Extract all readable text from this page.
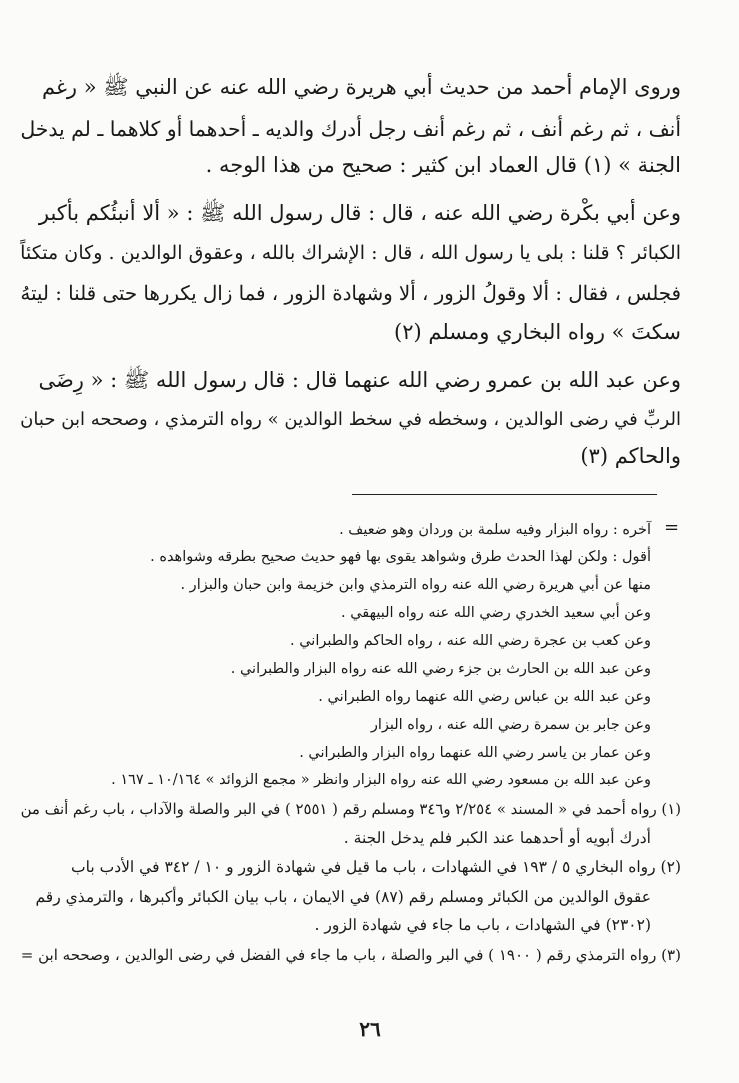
وروى الإمام أحمد من حديث أبي هريرة رضي الله عنه عن النبي ﷺ « رغم
أنف ، ثم رغم أنف ، ثم رغم أنف رجل أدرك والديه ـ أحدهما أو كلاهما ـ لم يدخل
الجنة » (١) قال العماد ابن كثير : صحيح من هذا الوجه .
وعن أبي بكْرة رضي الله عنه ، قال : قال رسول الله ﷺ : « ألا أنبئُكم بأكبر
الكبائر ؟ قلنا : بلى يا رسول الله ، قال : الإشراك بالله ، وعقوق الوالدين . وكان متكئاً
فجلس ، فقال : ألا وقولُ الزور ، ألا وشهادة الزور ، فما زال يكررها حتى قلنا : ليتهُ
سكتَ » رواه البخاري ومسلم (٢)
وعن عبد الله بن عمرو رضي الله عنهما قال : قال رسول الله ﷺ : « رِضَى
الربِّ في رضى الوالدين ، وسخطه في سخط الوالدين » رواه الترمذي ، وصححه ابن حبان
والحاكم (٣)
=
آخره : رواه البزار وفيه سلمة بن وردان وهو ضعيف .
أقول : ولكن لهذا الحدث طرق وشواهد يقوى بها فهو حديث صحيح بطرقه وشواهده .
منها عن أبي هريرة رضي الله عنه رواه الترمذي وابن خزيمة وابن حبان والبزار .
وعن أبي سعيد الخدري رضي الله عنه رواه البيهقي .
وعن كعب بن عجرة رضي الله عنه ، رواه الحاكم والطبراني .
وعن عبد الله بن الحارث بن جزء رضي الله عنه رواه البزار والطبراني .
وعن عبد الله بن عباس رضي الله عنهما رواه الطبراني .
وعن جابر بن سمرة رضي الله عنه ، رواه البزار
وعن عمار بن ياسر رضي الله عنهما رواه البزار والطبراني .
وعن عبد الله بن مسعود رضي الله عنه رواه البزار وانظر « مجمع الزوائد » ١٠/١٦٤ ـ ١٦٧ .
(١) رواه أحمد في « المسند » ٢/٢٥٤ و٣٤٦ ومسلم رقم ( ٢٥٥١ ) في البر والصلة والآداب ، باب رغم أنف من
أدرك أبويه أو أحدهما عند الكبر فلم يدخل الجنة .
(٢) رواه البخاري ٥ / ١٩٣ في الشهادات ، باب ما قيل في شهادة الزور و ١٠ / ٣٤٢ في الأدب باب
عقوق الوالدين من الكبائر ومسلم رقم (٨٧) في الايمان ، باب بيان الكبائر وأكبرها ، والترمذي رقم
(٢٣٠٢) في الشهادات ، باب ما جاء في شهادة الزور .
(٣) رواه الترمذي رقم ( ١٩٠٠ ) في البر والصلة ، باب ما جاء في الفضل في رضى الوالدين ، وصححه ابن =
٢٦
